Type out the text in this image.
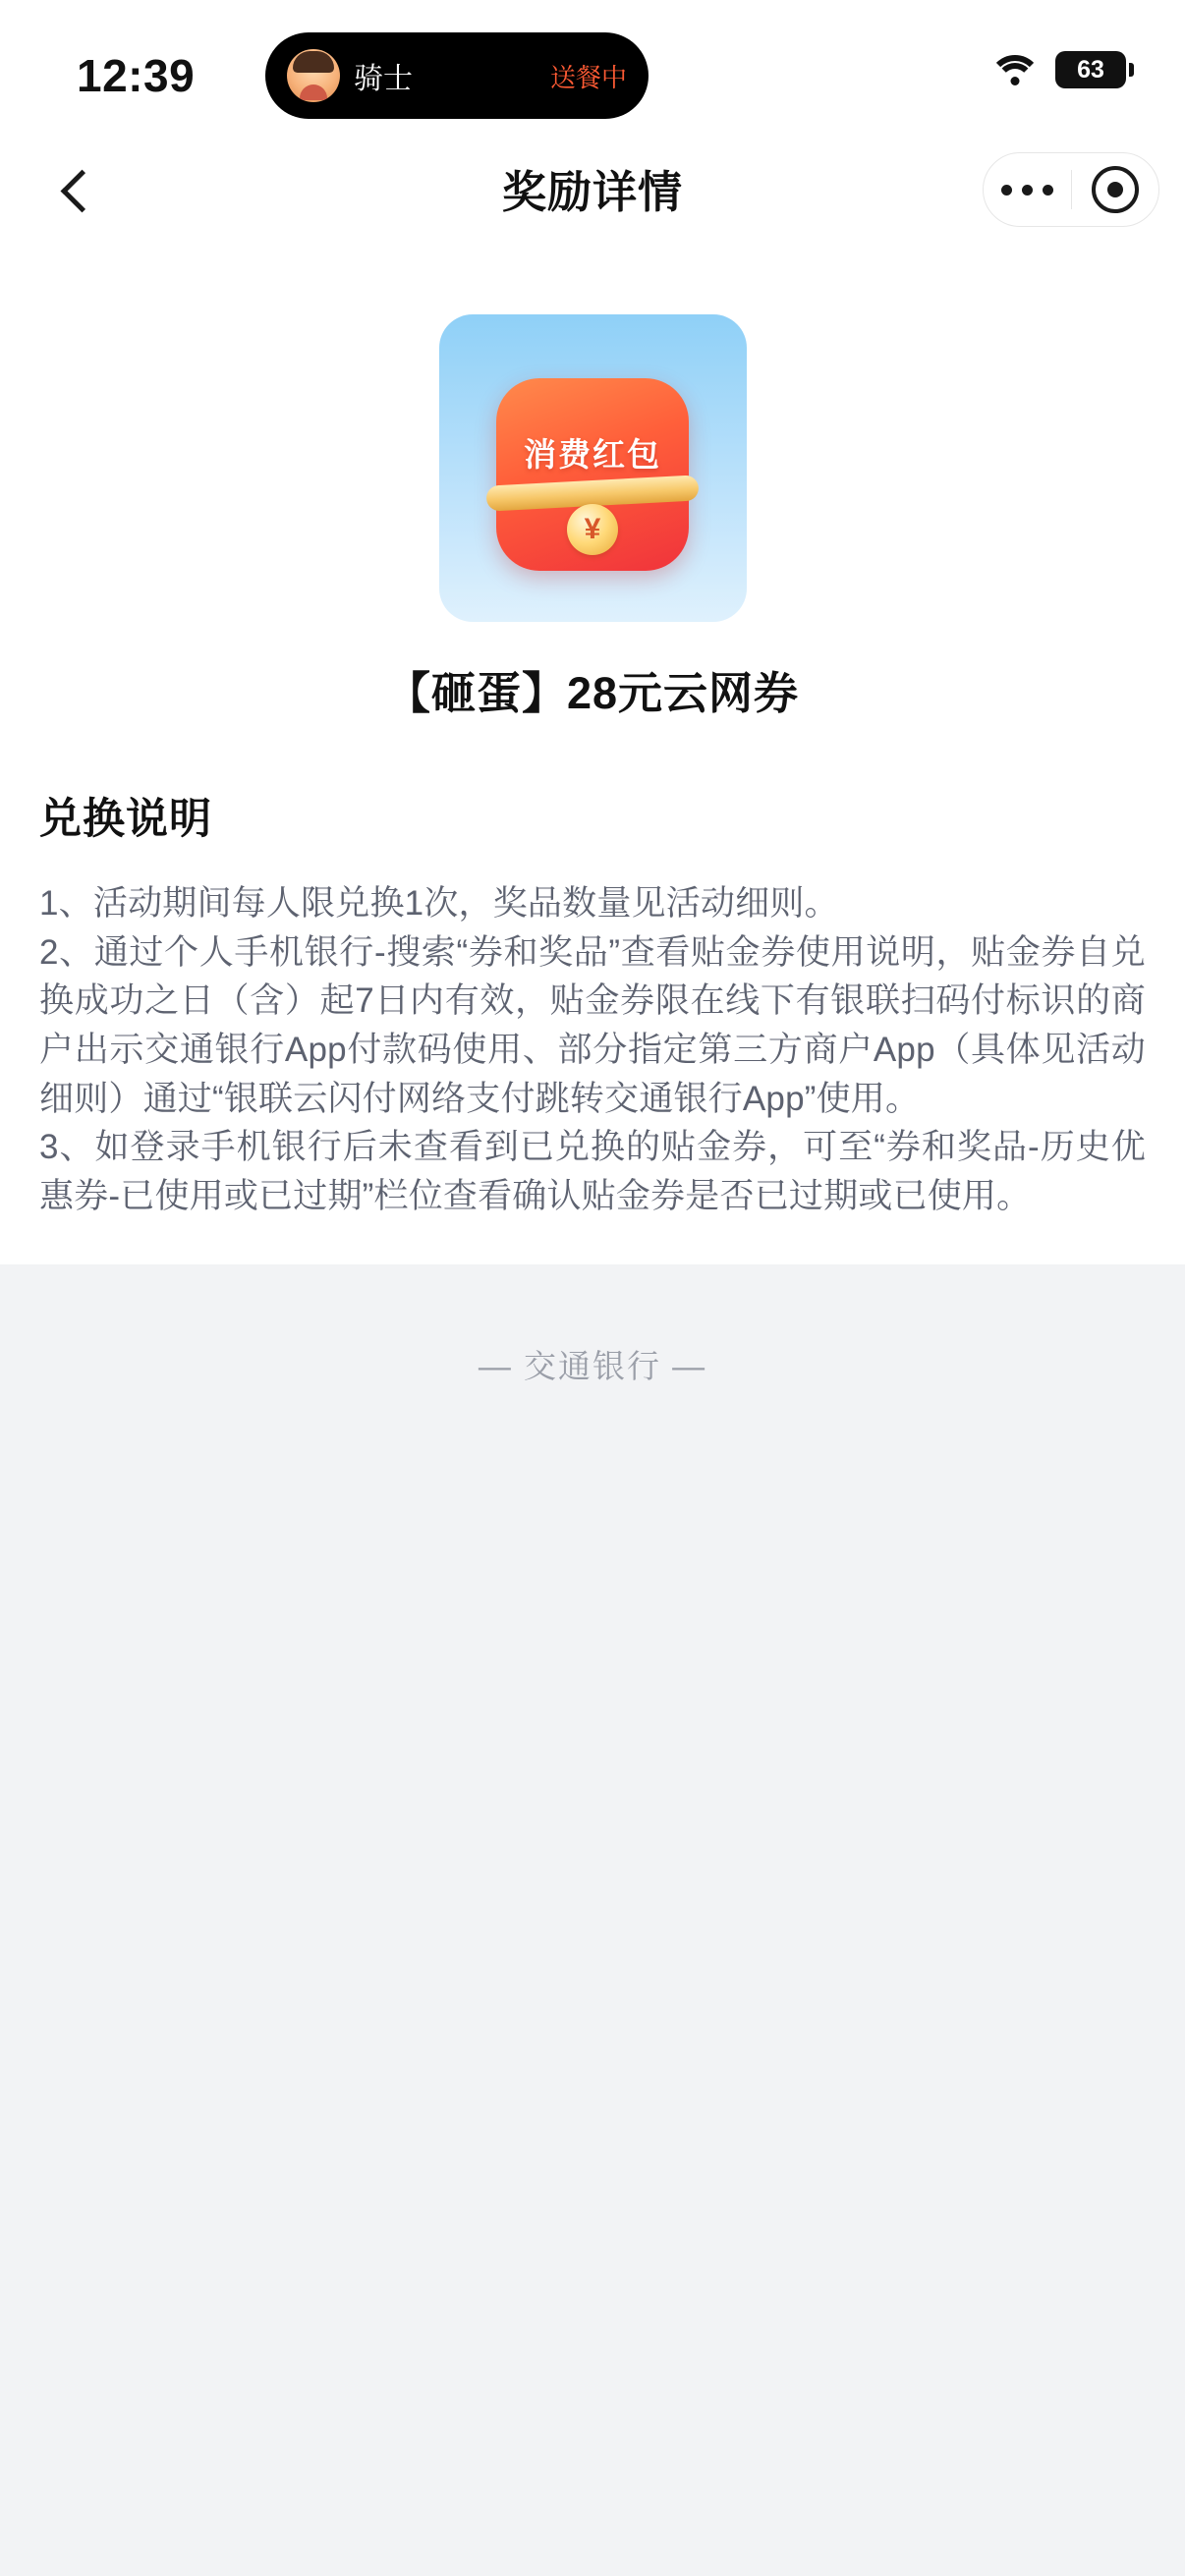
12:39	骑士	送餐中	63
奖励详情
消费红包
¥
【砸蛋】28元云网券
兑换说明
1、活动期间每人限兑换1次，奖品数量见活动细则。
2、通过个人手机银行-搜索“券和奖品”查看贴金券使用说明，贴金券自兑换成功之日（含）起7日内有效，贴金券限在线下有银联扫码付标识的商户出示交通银行App付款码使用、部分指定第三方商户App（具体见活动细则）通过“银联云闪付网络支付跳转交通银行App”使用。
3、如登录手机银行后未查看到已兑换的贴金券，可至“券和奖品-历史优惠券-已使用或已过期”栏位查看确认贴金券是否已过期或已使用。
— 交通银行 —
